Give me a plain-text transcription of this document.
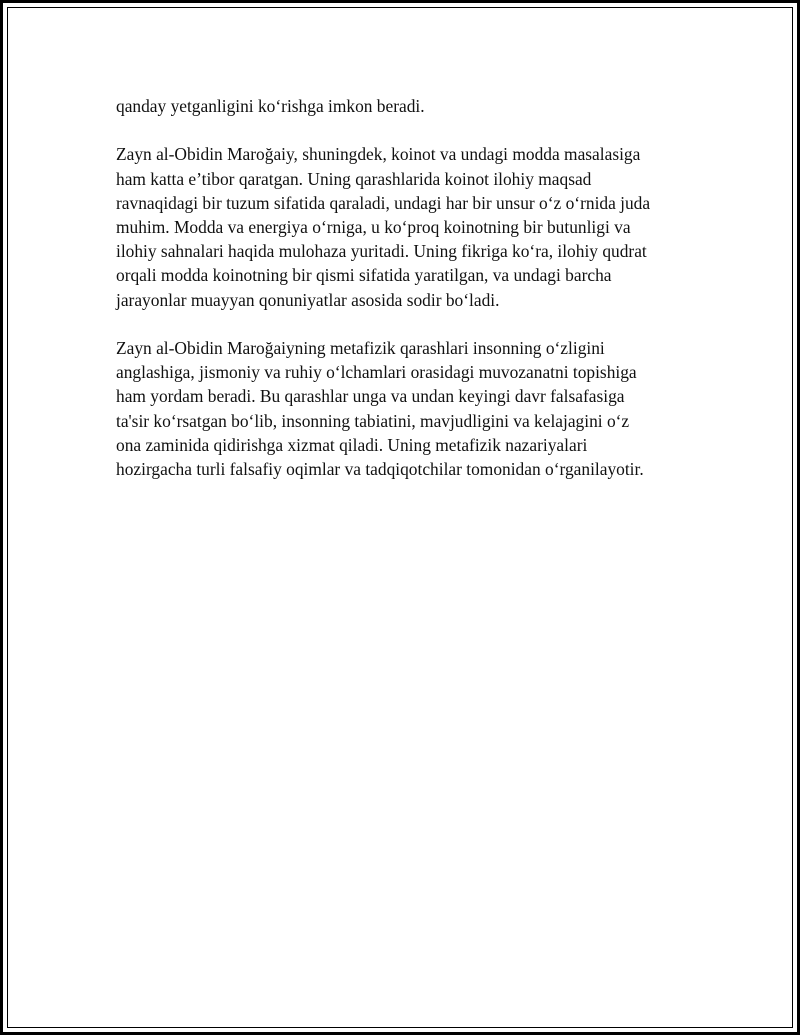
qanday yetganligini ko‘rishga imkon beradi.

Zayn al-Obidin Maroğaiy, shuningdek, koinot va undagi modda masalasiga
ham katta e’tibor qaratgan. Uning qarashlarida koinot ilohiy maqsad
ravnaqidagi bir tuzum sifatida qaraladi, undagi har bir unsur o‘z o‘rnida juda
muhim. Modda va energiya o‘rniga, u ko‘proq koinotning bir butunligi va
ilohiy sahnalari haqida mulohaza yuritadi. Uning fikriga ko‘ra, ilohiy qudrat
orqali modda koinotning bir qismi sifatida yaratilgan, va undagi barcha
jarayonlar muayyan qonuniyatlar asosida sodir bo‘ladi.

Zayn al-Obidin Maroğaiyning metafizik qarashlari insonning o‘zligini
anglashiga, jismoniy va ruhiy o‘lchamlari orasidagi muvozanatni topishiga
ham yordam beradi. Bu qarashlar unga va undan keyingi davr falsafasiga
ta'sir ko‘rsatgan bo‘lib, insonning tabiatini, mavjudligini va kelajagini o‘z
ona zaminida qidirishga xizmat qiladi. Uning metafizik nazariyalari
hozirgacha turli falsafiy oqimlar va tadqiqotchilar tomonidan o‘rganilayotir.
